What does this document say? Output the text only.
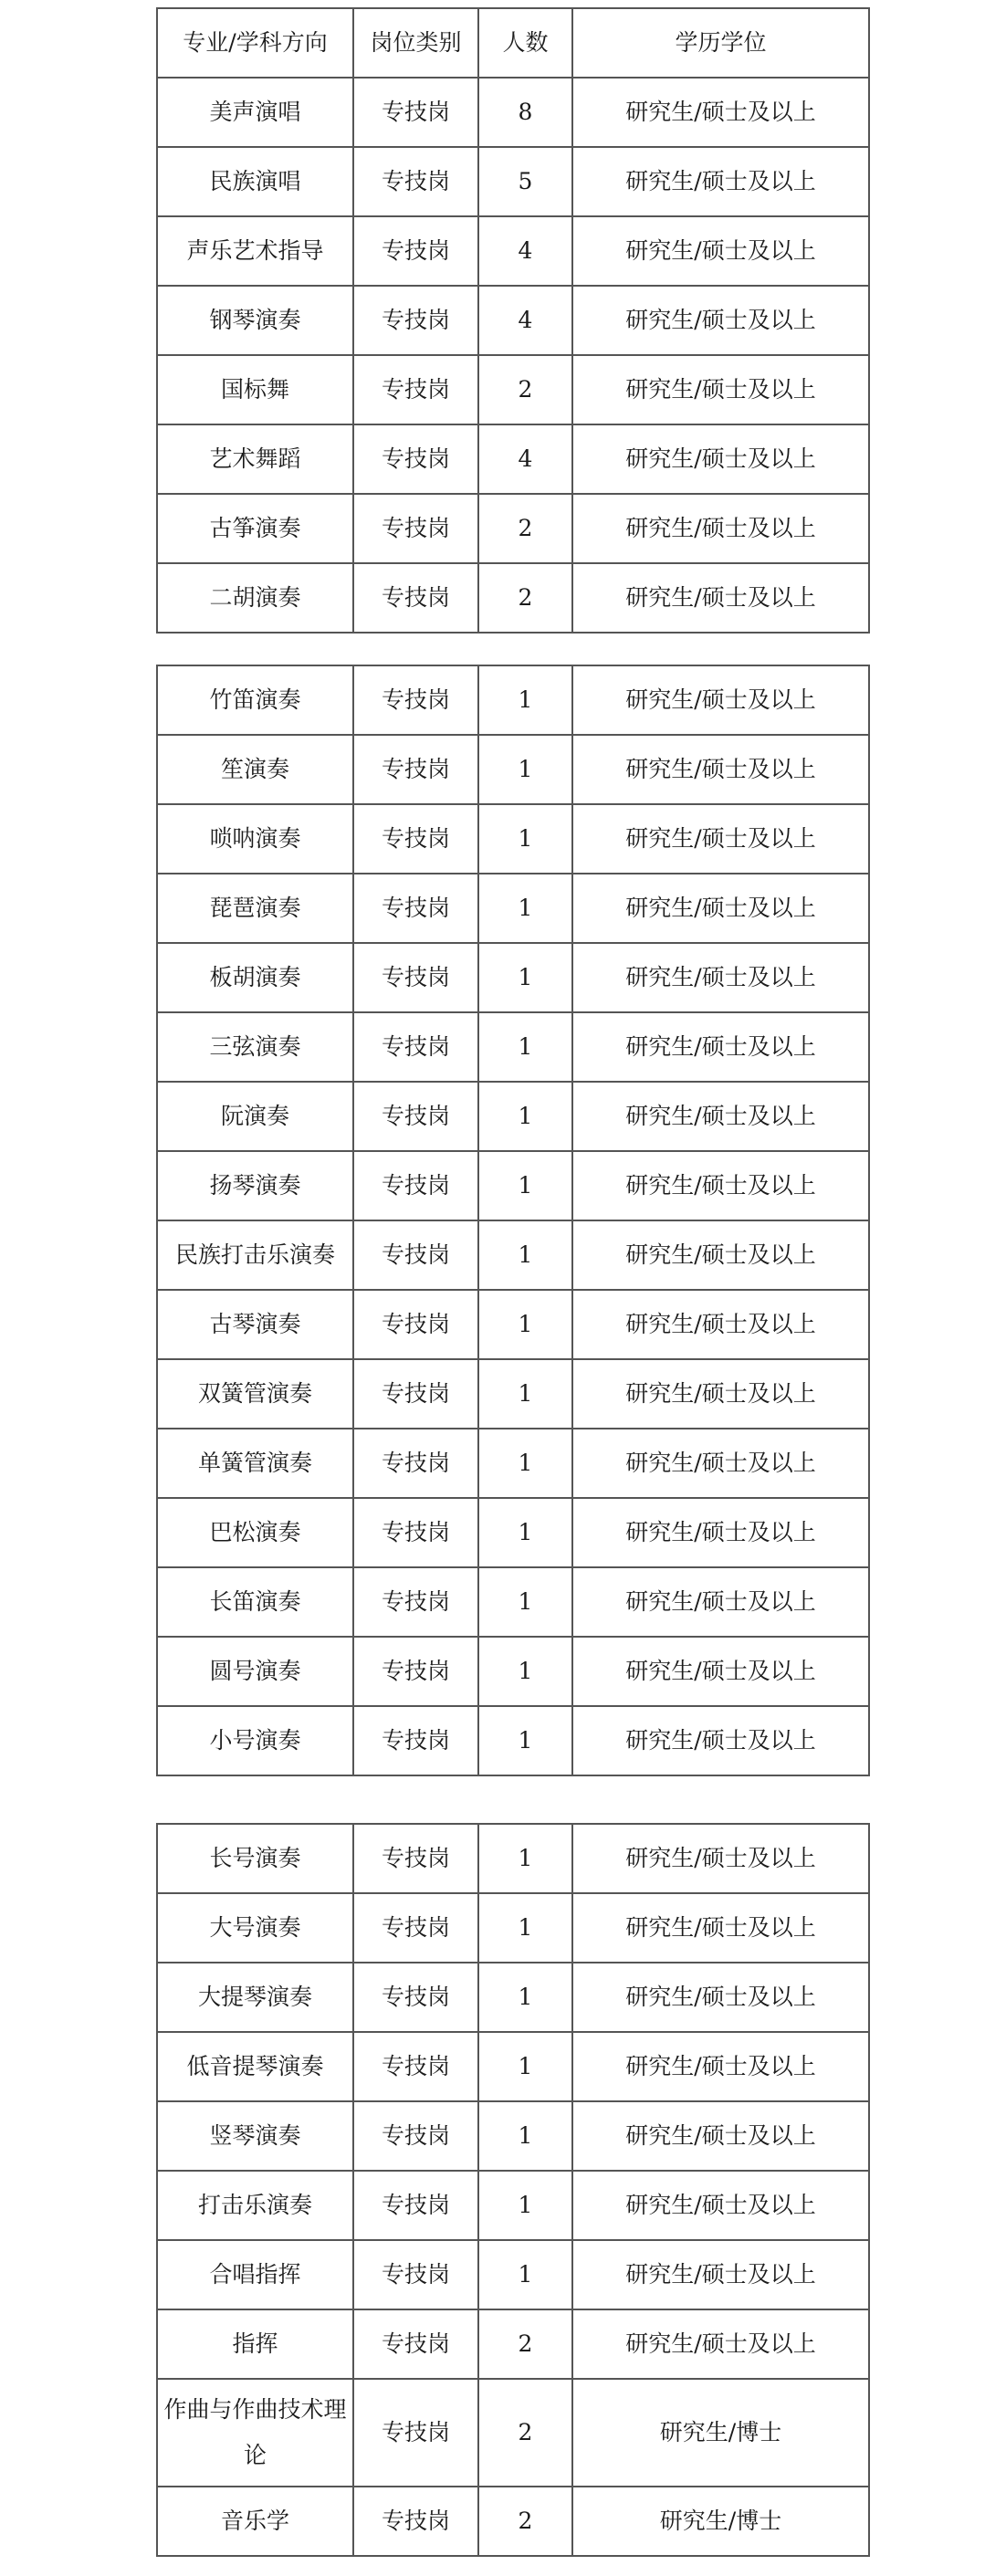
专业/学科方向	岗位类别	人数	学历学位
美声演唱	专技岗	8	研究生/硕士及以上
民族演唱	专技岗	5	研究生/硕士及以上
声乐艺术指导	专技岗	4	研究生/硕士及以上
钢琴演奏	专技岗	4	研究生/硕士及以上
国标舞	专技岗	2	研究生/硕士及以上
艺术舞蹈	专技岗	4	研究生/硕士及以上
古筝演奏	专技岗	2	研究生/硕士及以上
二胡演奏	专技岗	2	研究生/硕士及以上
竹笛演奏	专技岗	1	研究生/硕士及以上
笙演奏	专技岗	1	研究生/硕士及以上
唢呐演奏	专技岗	1	研究生/硕士及以上
琵琶演奏	专技岗	1	研究生/硕士及以上
板胡演奏	专技岗	1	研究生/硕士及以上
三弦演奏	专技岗	1	研究生/硕士及以上
阮演奏	专技岗	1	研究生/硕士及以上
扬琴演奏	专技岗	1	研究生/硕士及以上
民族打击乐演奏	专技岗	1	研究生/硕士及以上
古琴演奏	专技岗	1	研究生/硕士及以上
双簧管演奏	专技岗	1	研究生/硕士及以上
单簧管演奏	专技岗	1	研究生/硕士及以上
巴松演奏	专技岗	1	研究生/硕士及以上
长笛演奏	专技岗	1	研究生/硕士及以上
圆号演奏	专技岗	1	研究生/硕士及以上
小号演奏	专技岗	1	研究生/硕士及以上
长号演奏	专技岗	1	研究生/硕士及以上
大号演奏	专技岗	1	研究生/硕士及以上
大提琴演奏	专技岗	1	研究生/硕士及以上
低音提琴演奏	专技岗	1	研究生/硕士及以上
竖琴演奏	专技岗	1	研究生/硕士及以上
打击乐演奏	专技岗	1	研究生/硕士及以上
合唱指挥	专技岗	1	研究生/硕士及以上
指挥	专技岗	2	研究生/硕士及以上
作曲与作曲技术理论	专技岗	2	研究生/博士
音乐学	专技岗	2	研究生/博士
